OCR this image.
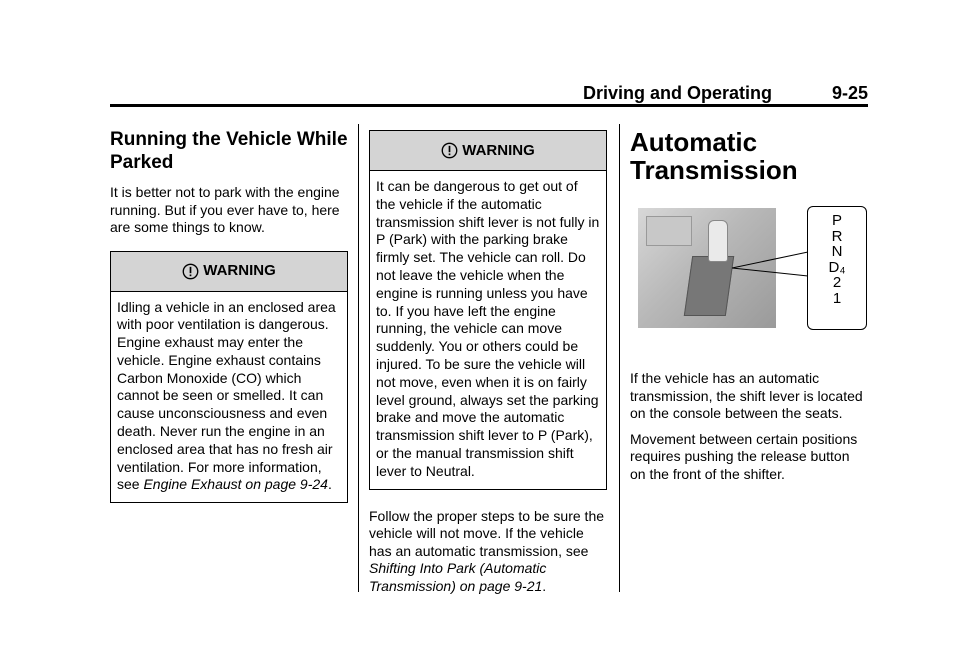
Driving and Operating	9-25
Running the Vehicle While Parked

It is better not to park with the engine running. But if you ever have to, here are some things to know.

WARNING
Idling a vehicle in an enclosed area with poor ventilation is dangerous. Engine exhaust may enter the vehicle. Engine exhaust contains Carbon Monoxide (CO) which cannot be seen or smelled. It can cause unconsciousness and even death. Never run the engine in an enclosed area that has no fresh air ventilation. For more information, see Engine Exhaust on page 9-24.
WARNING
It can be dangerous to get out of the vehicle if the automatic transmission shift lever is not fully in P (Park) with the parking brake firmly set. The vehicle can roll. Do not leave the vehicle when the engine is running unless you have to. If you have left the engine running, the vehicle can move suddenly. You or others could be injured. To be sure the vehicle will not move, even when it is on fairly level ground, always set the parking brake and move the automatic transmission shift lever to P (Park), or the manual transmission shift lever to Neutral.

Follow the proper steps to be sure the vehicle will not move. If the vehicle has an automatic transmission, see Shifting Into Park (Automatic Transmission) on page 9-21.

Automatic Transmission
P
R
N
D₄
2
1

If the vehicle has an automatic transmission, the shift lever is located on the console between the seats.

Movement between certain positions requires pushing the release button on the front of the shifter.
